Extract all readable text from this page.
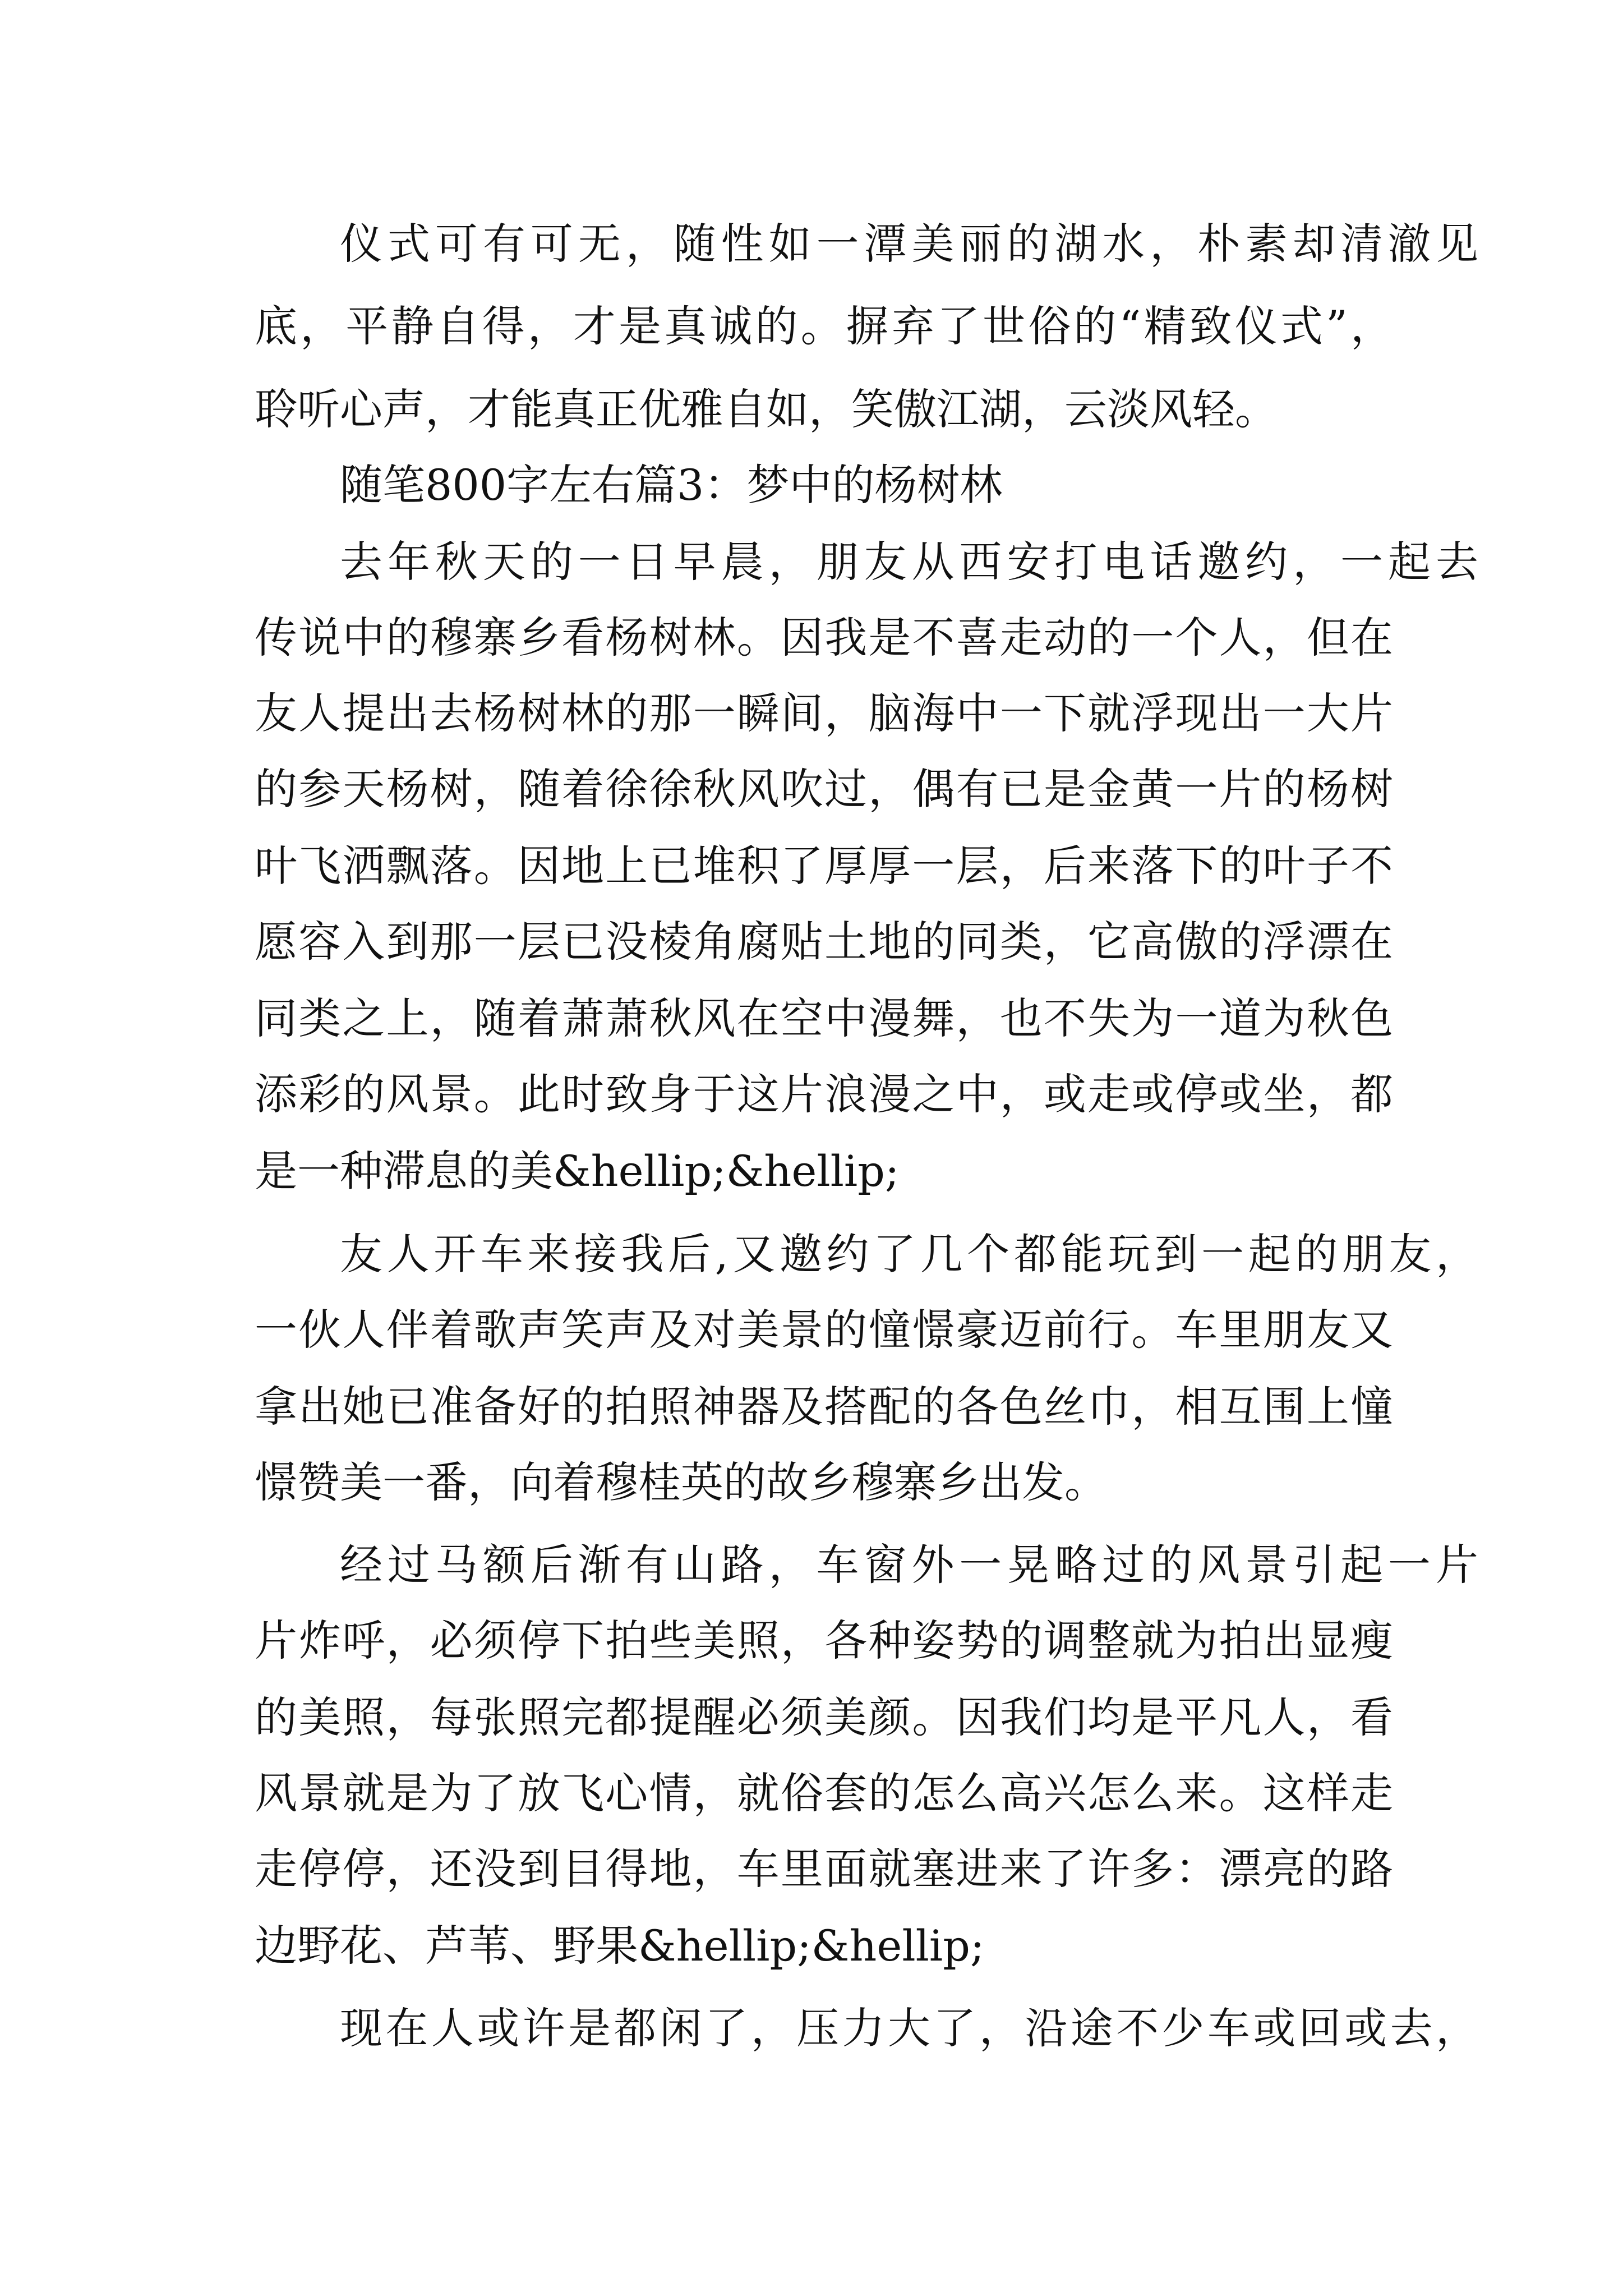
仪式可有可无，随性如一潭美丽的湖水，朴素却清澈见
底，平静自得，才是真诚的。摒弃了世俗的“精致仪式”，
聆听心声，才能真正优雅自如，笑傲江湖，云淡风轻。
随笔800字左右篇3：梦中的杨树林
去年秋天的一日早晨，朋友从西安打电话邀约，一起去
传说中的穆寨乡看杨树林。因我是不喜走动的一个人，但在
友人提出去杨树林的那一瞬间，脑海中一下就浮现出一大片
的参天杨树，随着徐徐秋风吹过，偶有已是金黄一片的杨树
叶飞洒飘落。因地上已堆积了厚厚一层，后来落下的叶子不
愿容入到那一层已没棱角腐贴土地的同类，它高傲的浮漂在
同类之上，随着萧萧秋风在空中漫舞，也不失为一道为秋色
添彩的风景。此时致身于这片浪漫之中，或走或停或坐，都
是一种滞息的美&hellip;&hellip;
友人开车来接我后,又邀约了几个都能玩到一起的朋友，
一伙人伴着歌声笑声及对美景的憧憬豪迈前行。车里朋友又
拿出她已准备好的拍照神器及搭配的各色丝巾，相互围上憧
憬赞美一番，向着穆桂英的故乡穆寨乡出发。
经过马额后渐有山路，车窗外一晃略过的风景引起一片
片炸呼，必须停下拍些美照，各种姿势的调整就为拍出显瘦
的美照，每张照完都提醒必须美颜。因我们均是平凡人，看
风景就是为了放飞心情，就俗套的怎么高兴怎么来。这样走
走停停，还没到目得地，车里面就塞进来了许多：漂亮的路
边野花、芦苇、野果&hellip;&hellip;
现在人或许是都闲了，压力大了，沿途不少车或回或去，
